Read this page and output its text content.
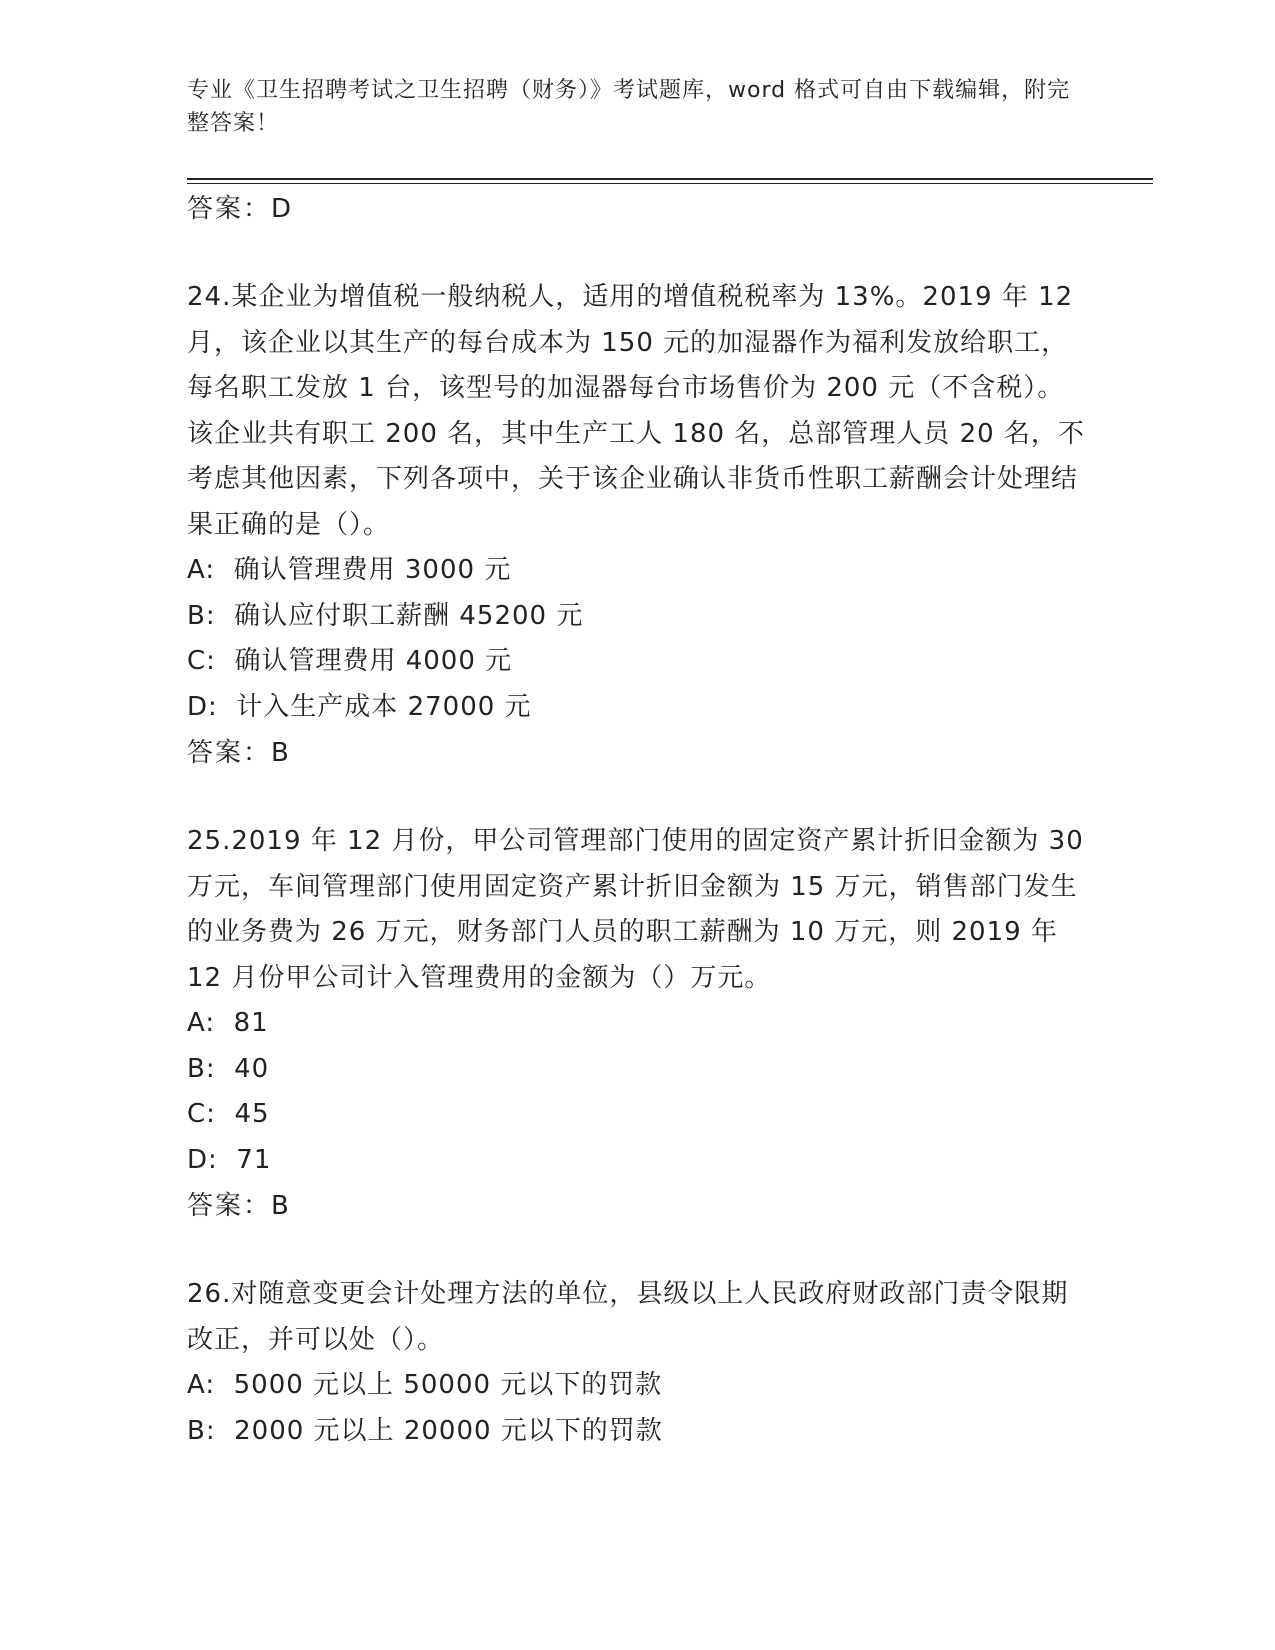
专业《卫生招聘考试之卫生招聘（财务）》考试题库，word 格式可自由下载编辑，附完整答案！

答案：D

24.某企业为增值税一般纳税人，适用的增值税税率为 13%。2019 年 12 月，该企业以其生产的每台成本为 150 元的加湿器作为福利发放给职工，每名职工发放 1 台，该型号的加湿器每台市场售价为 200 元（不含税）。该企业共有职工 200 名，其中生产工人 180 名，总部管理人员 20 名，不考虑其他因素，下列各项中，关于该企业确认非货币性职工薪酬会计处理结果正确的是（）。

A:  确认管理费用 3000 元

B:  确认应付职工薪酬 45200 元

C:  确认管理费用 4000 元

D:  计入生产成本 27000 元

答案：B

25.2019 年 12 月份，甲公司管理部门使用的固定资产累计折旧金额为 30 万元，车间管理部门使用固定资产累计折旧金额为 15 万元，销售部门发生的业务费为 26 万元，财务部门人员的职工薪酬为 10 万元，则 2019 年 12 月份甲公司计入管理费用的金额为（）万元。

A:  81

B:  40

C:  45

D:  71

答案：B

26.对随意变更会计处理方法的单位，县级以上人民政府财政部门责令限期改正，并可以处（）。

A:  5000 元以上 50000 元以下的罚款

B:  2000 元以上 20000 元以下的罚款
